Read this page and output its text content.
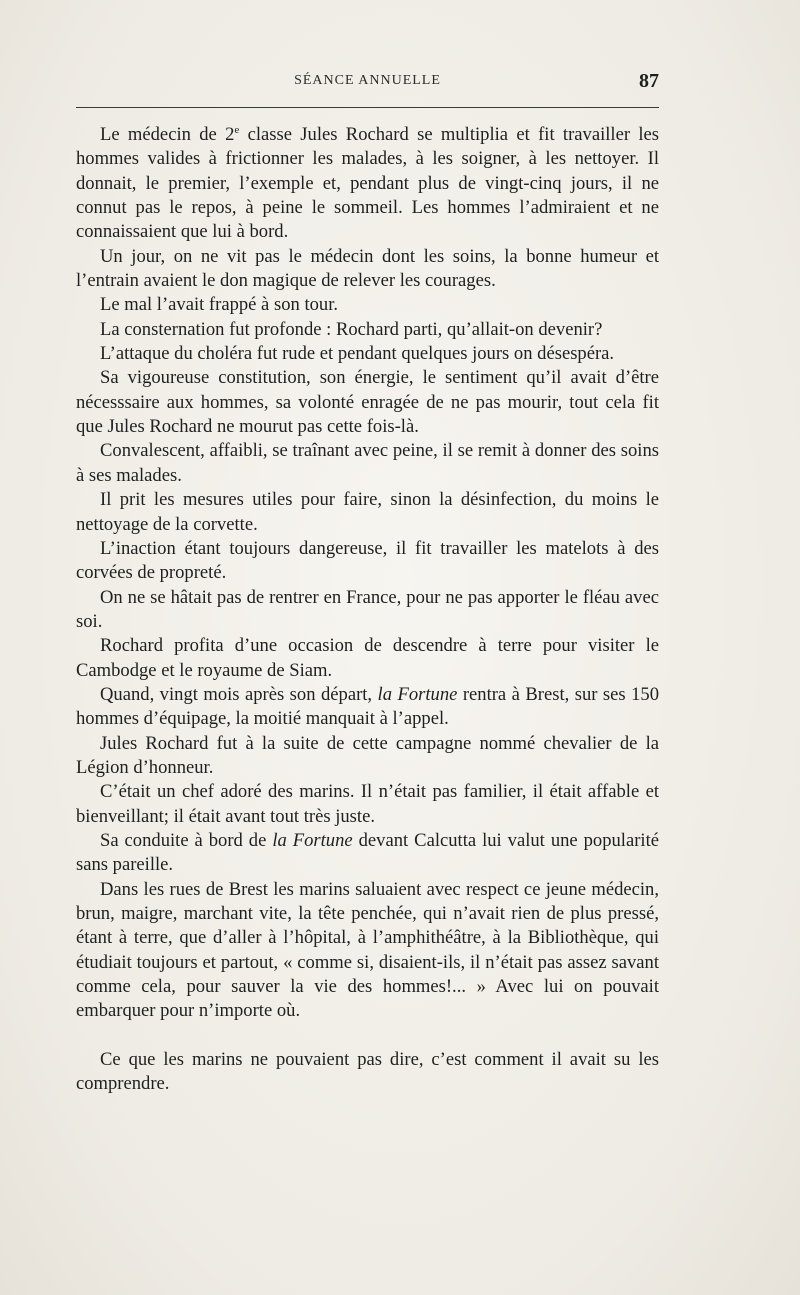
SÉANCE ANNUELLE	87

Le médecin de 2e classe Jules Rochard se multiplia et fit travailler les hommes valides à frictionner les malades, à les soigner, à les nettoyer. Il donnait, le premier, l’exemple et, pendant plus de vingt-cinq jours, il ne connut pas le repos, à peine le sommeil. Les hommes l’admiraient et ne connaissaient que lui à bord.

Un jour, on ne vit pas le médecin dont les soins, la bonne humeur et l’entrain avaient le don magique de relever les courages.

Le mal l’avait frappé à son tour.

La consternation fut profonde : Rochard parti, qu’allait-on devenir?

L’attaque du choléra fut rude et pendant quelques jours on désespéra.

Sa vigoureuse constitution, son énergie, le sentiment qu’il avait d’être nécesssaire aux hommes, sa volonté enragée de ne pas mourir, tout cela fit que Jules Rochard ne mourut pas cette fois-là.

Convalescent, affaibli, se traînant avec peine, il se remit à donner des soins à ses malades.

Il prit les mesures utiles pour faire, sinon la désinfection, du moins le nettoyage de la corvette.

L’inaction étant toujours dangereuse, il fit travailler les matelots à des corvées de propreté.

On ne se hâtait pas de rentrer en France, pour ne pas apporter le fléau avec soi.

Rochard profita d’une occasion de descendre à terre pour visiter le Cambodge et le royaume de Siam.

Quand, vingt mois après son départ, la Fortune rentra à Brest, sur ses 150 hommes d’équipage, la moitié manquait à l’appel.

Jules Rochard fut à la suite de cette campagne nommé chevalier de la Légion d’honneur.

C’était un chef adoré des marins. Il n’était pas familier, il était affable et bienveillant; il était avant tout très juste.

Sa conduite à bord de la Fortune devant Calcutta lui valut une popularité sans pareille.

Dans les rues de Brest les marins saluaient avec respect ce jeune médecin, brun, maigre, marchant vite, la tête penchée, qui n’avait rien de plus pressé, étant à terre, que d’aller à l’hôpital, à l’amphithéâtre, à la Bibliothèque, qui étudiait toujours et partout, « comme si, disaient-ils, il n’était pas assez savant comme cela, pour sauver la vie des hommes!... » Avec lui on pouvait embarquer pour n’importe où.

Ce que les marins ne pouvaient pas dire, c’est comment il avait su les comprendre.
